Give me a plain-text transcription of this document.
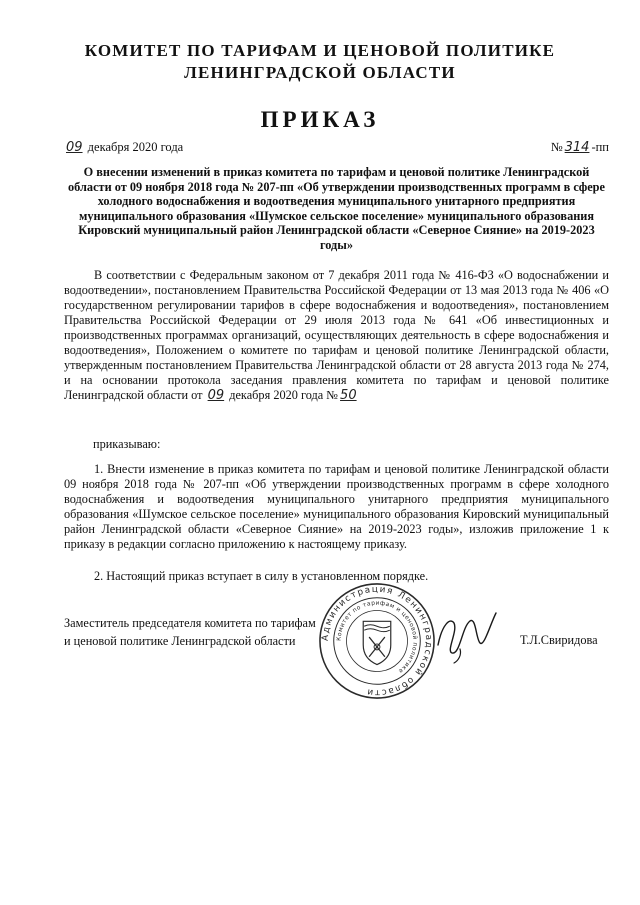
КОМИТЕТ ПО ТАРИФАМ И ЦЕНОВОЙ ПОЛИТИКЕ
ЛЕНИНГРАДСКОЙ ОБЛАСТИ
ПРИКАЗ
09 декабря 2020 года	№ 314 -пп
О внесении изменений в приказ комитета по тарифам и ценовой политике Ленинградской области от 09 ноября 2018 года № 207-пп «Об утверждении производственных программ в сфере холодного водоснабжения и водоотведения муниципального унитарного предприятия муниципального образования «Шумское сельское поселение» муниципального образования Кировский муниципальный район Ленинградской области «Северное Сияние» на 2019-2023 годы»

В соответствии с Федеральным законом от 7 декабря 2011 года № 416-ФЗ «О водоснабжении и водоотведении», постановлением Правительства Российской Федерации от 13 мая 2013 года № 406 «О государственном регулировании тарифов в сфере водоснабжения и водоотведения», постановлением Правительства Российской Федерации от 29 июля 2013 года № 641 «Об инвестиционных и производственных программах организаций, осуществляющих деятельность в сфере водоснабжения и водоотведения», Положением о комитете по тарифам и ценовой политике Ленинградской области, утвержденным постановлением Правительства Ленинградской области от 28 августа 2013 года № 274, и на основании протокола заседания правления комитета по тарифам и ценовой политике Ленинградской области от 09 декабря 2020 года № 50

приказываю:

1. Внести изменение в приказ комитета по тарифам и ценовой политике Ленинградской области 09 ноября 2018 года № 207-пп «Об утверждении производственных программ в сфере холодного водоснабжения и водоотведения муниципального унитарного предприятия муниципального образования «Шумское сельское поселение» муниципального образования Кировский муниципальный район Ленинградской области «Северное Сияние» на 2019-2023 годы», изложив приложение 1 к приказу в редакции согласно приложению к настоящему приказу.

2. Настоящий приказ вступает в силу в установленном порядке.

Заместитель председателя комитета по тарифам
и ценовой политике Ленинградской области	Администрация Ленинградской области
Комитет по тарифам и ценовой политике
Т.Л.Свиридова
